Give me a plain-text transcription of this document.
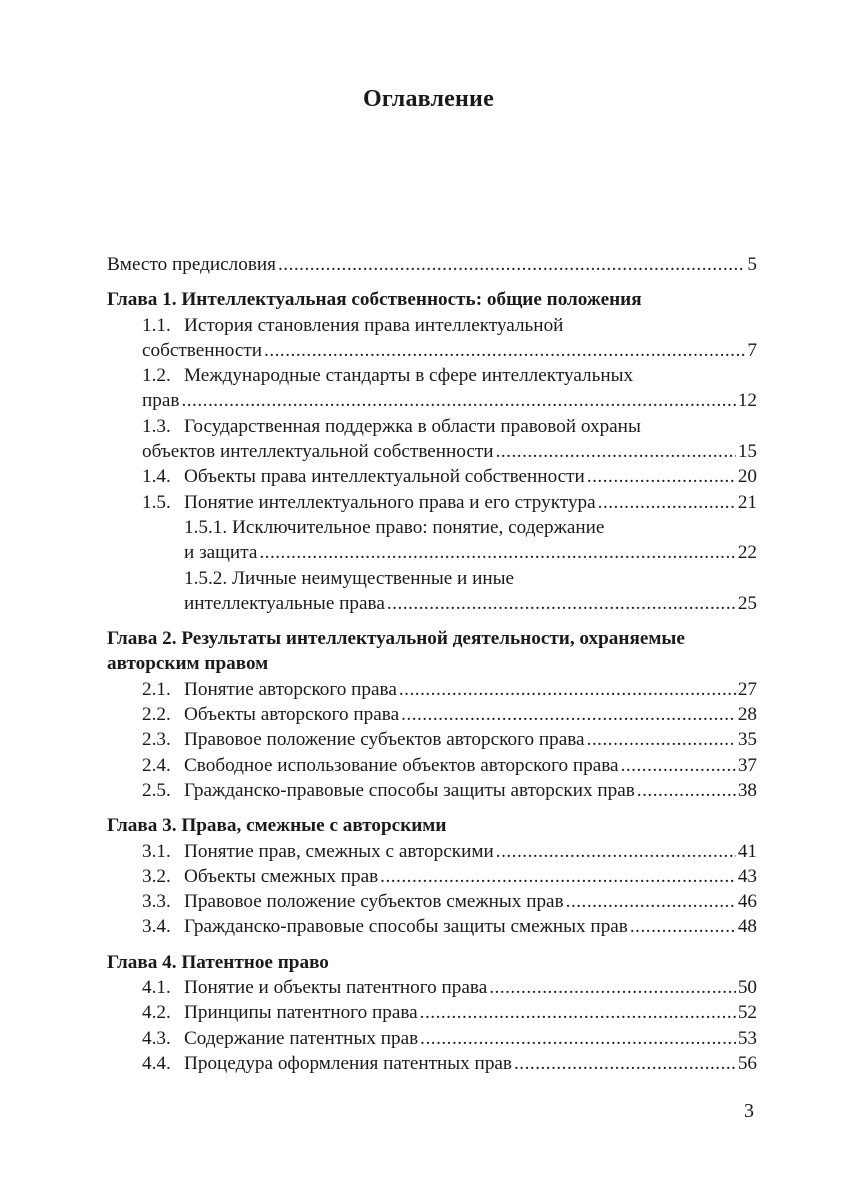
Оглавление
Вместо предисловия .....	5
Глава 1. Интеллектуальная собственность: общие положения
1.1. История становления права интеллектуальной
собственности .....	7
1.2. Международные стандарты в сфере интеллектуальных
прав .....	12
1.3. Государственная поддержка в области правовой охраны
объектов интеллектуальной собственности .....	15
1.4. Объекты права интеллектуальной собственности .....	20
1.5. Понятие интеллектуального права и его структура .....	21
1.5.1. Исключительное право: понятие, содержание
и защита .....	22
1.5.2. Личные неимущественные и иные
интеллектуальные права .....	25
Глава 2. Результаты интеллектуальной деятельности, охраняемые
авторским правом
2.1. Понятие авторского права .....	27
2.2. Объекты авторского права .....	28
2.3. Правовое положение субъектов авторского права .....	35
2.4. Свободное использование объектов авторского права .....	37
2.5. Гражданско-правовые способы защиты авторских прав .....	38
Глава 3. Права, смежные с авторскими
3.1. Понятие прав, смежных с авторскими .....	41
3.2. Объекты смежных прав .....	43
3.3. Правовое положение субъектов смежных прав .....	46
3.4. Гражданско-правовые способы защиты смежных прав .....	48
Глава 4. Патентное право
4.1. Понятие и объекты патентного права .....	50
4.2. Принципы патентного права .....	52
4.3. Содержание патентных прав .....	53
4.4. Процедура оформления патентных прав .....	56
3
